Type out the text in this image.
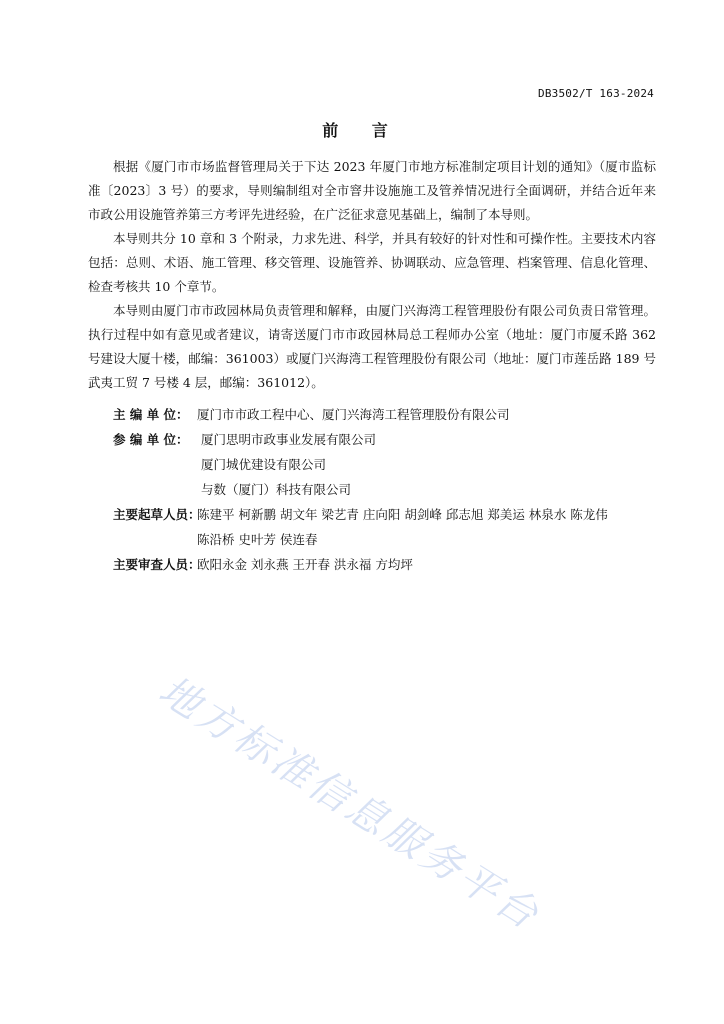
DB3502/T 163-2024
前 言

根据《厦门市市场监督管理局关于下达 2023 年厦门市地方标准制定项目计划的通知》（厦市监标准〔2023〕3 号）的要求，导则编制组对全市窨井设施施工及管养情况进行全面调研，并结合近年来市政公用设施管养第三方考评先进经验，在广泛征求意见基础上，编制了本导则。

本导则共分 10 章和 3 个附录，力求先进、科学，并具有较好的针对性和可操作性。主要技术内容包括：总则、术语、施工管理、移交管理、设施管养、协调联动、应急管理、档案管理、信息化管理、检查考核共 10 个章节。

本导则由厦门市市政园林局负责管理和解释，由厦门兴海湾工程管理股份有限公司负责日常管理。执行过程中如有意见或者建议，请寄送厦门市市政园林局总工程师办公室（地址：厦门市厦禾路 362 号建设大厦十楼，邮编：361003）或厦门兴海湾工程管理股份有限公司（地址：厦门市莲岳路 189 号武夷工贸 7 号楼 4 层，邮编：361012）。

主 编 单 位： 厦门市市政工程中心、厦门兴海湾工程管理股份有限公司
参 编 单 位： 厦门思明市政事业发展有限公司
厦门城优建设有限公司
与数（厦门）科技有限公司
主要起草人员：
陈建平 柯新鹏 胡文年 梁艺青 庄向阳 胡剑峰 邱志旭 郑美运 林泉水 陈龙伟
陈沿桥 史叶芳 侯连春
主要审查人员：
欧阳永金 刘永燕 王开春 洪永福 方均坪
地方标准信息服务平台
